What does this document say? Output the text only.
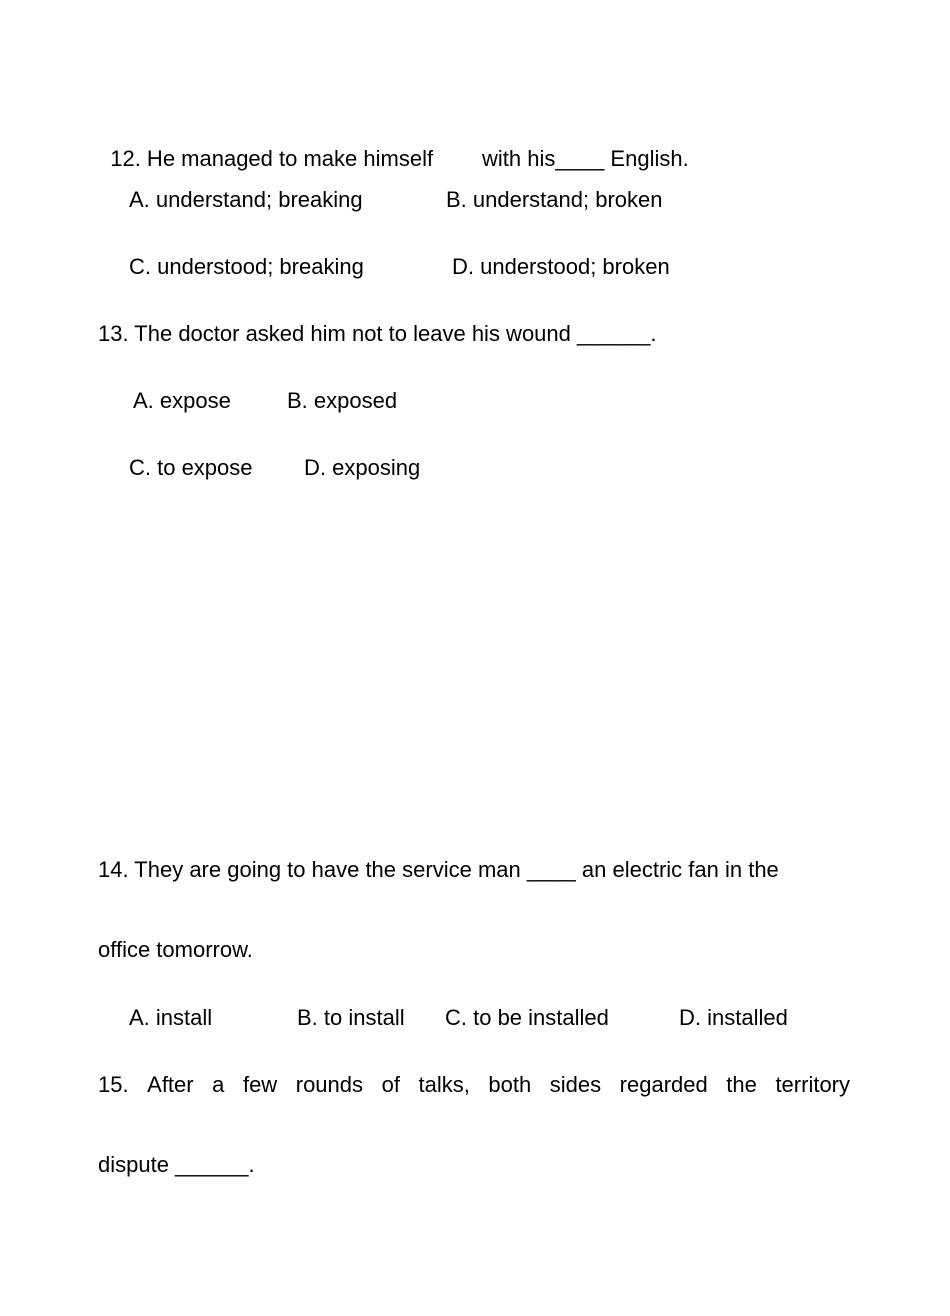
12. He managed to make himself  with his____ English.

A. understand; breaking	B. understand; broken
C. understood; breaking	D. understood; broken
13. The doctor asked him not to leave his wound ______.
A. expose	B. exposed
C. to expose D. exposing
14. They are going to have the service man ____ an electric fan in the
office tomorrow.
A. install	B. to install C. to be installed	D. installed
15. After a few rounds of talks, both sides regarded the territory
dispute ______.
